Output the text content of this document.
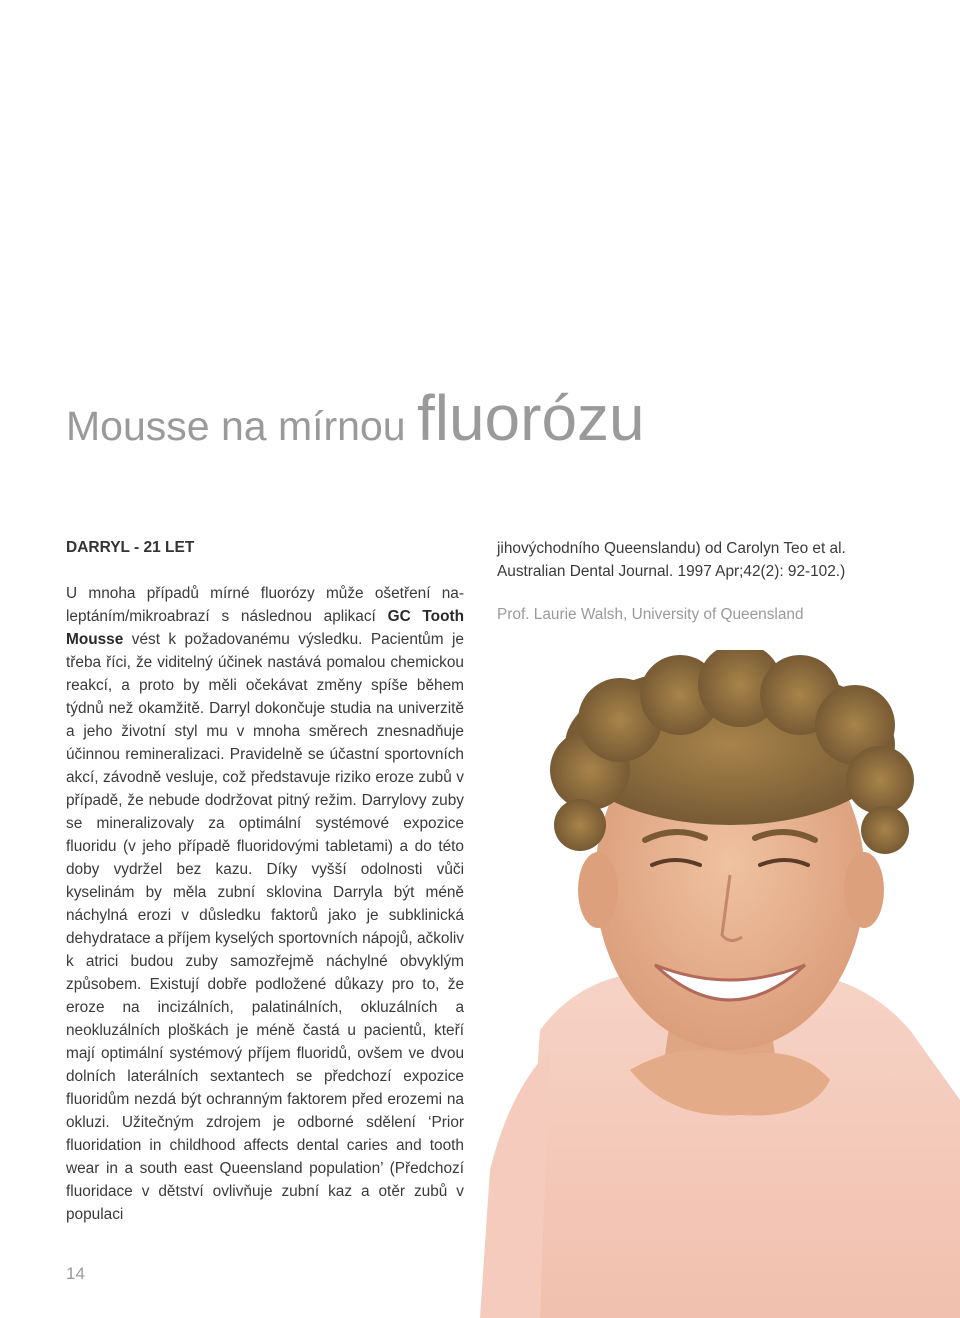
Mousse na mírnou fluorózu
DARRYL - 21 LET
U mnoha případů mírné fluorózy může ošetření naleptáním/mikroabrazí s následnou aplikací GC Tooth Mousse vést k požadovanému výsledku. Pacientům je třeba říci, že viditelný účinek nastává pomalou chemickou reakcí, a proto by měli očekávat změny spíše během týdnů než okamžitě. Darryl dokončuje studia na univerzitě a jeho životní styl mu v mnoha směrech znesnadňuje účinnou remineralizaci. Pravidelně se účastní sportovních akcí, závodně vesluje, což představuje riziko eroze zubů v případě, že nebude dodržovat pitný režim. Darrylovy zuby se mineralizovaly za optimální systémové expozice fluoridu (v jeho případě fluoridovými tabletami) a do této doby vydržel bez kazu. Díky vyšší odolnosti vůči kyselinám by měla zubní sklovina Darryla být méně náchylná erozi v důsledku faktorů jako je subklinická dehydratace a příjem kyselých sportovních nápojů, ačkoliv k atrici budou zuby samozřejmě náchylné obvyklým způsobem. Existují dobře podložené důkazy pro to, že eroze na incizálních, palatinálních, okluzálních a neokluzálních ploškách je méně častá u pacientů, kteří mají optimální systémový příjem fluoridů, ovšem ve dvou dolních laterálních sextantech se předchozí expozice fluoridům nezdá být ochranným faktorem před erozemi na okluzi. Užitečným zdrojem je odborné sdělení ‘Prior fluoridation in childhood affects dental caries and tooth wear in a south east Queensland population’ (Předchozí fluoridace v dětství ovlivňuje zubní kaz a otěr zubů v populaci
jihovýchodního Queenslandu) od Carolyn Teo et al.
Australian Dental Journal. 1997 Apr;42(2): 92-102.)
Prof. Laurie Walsh, University of Queensland
14
